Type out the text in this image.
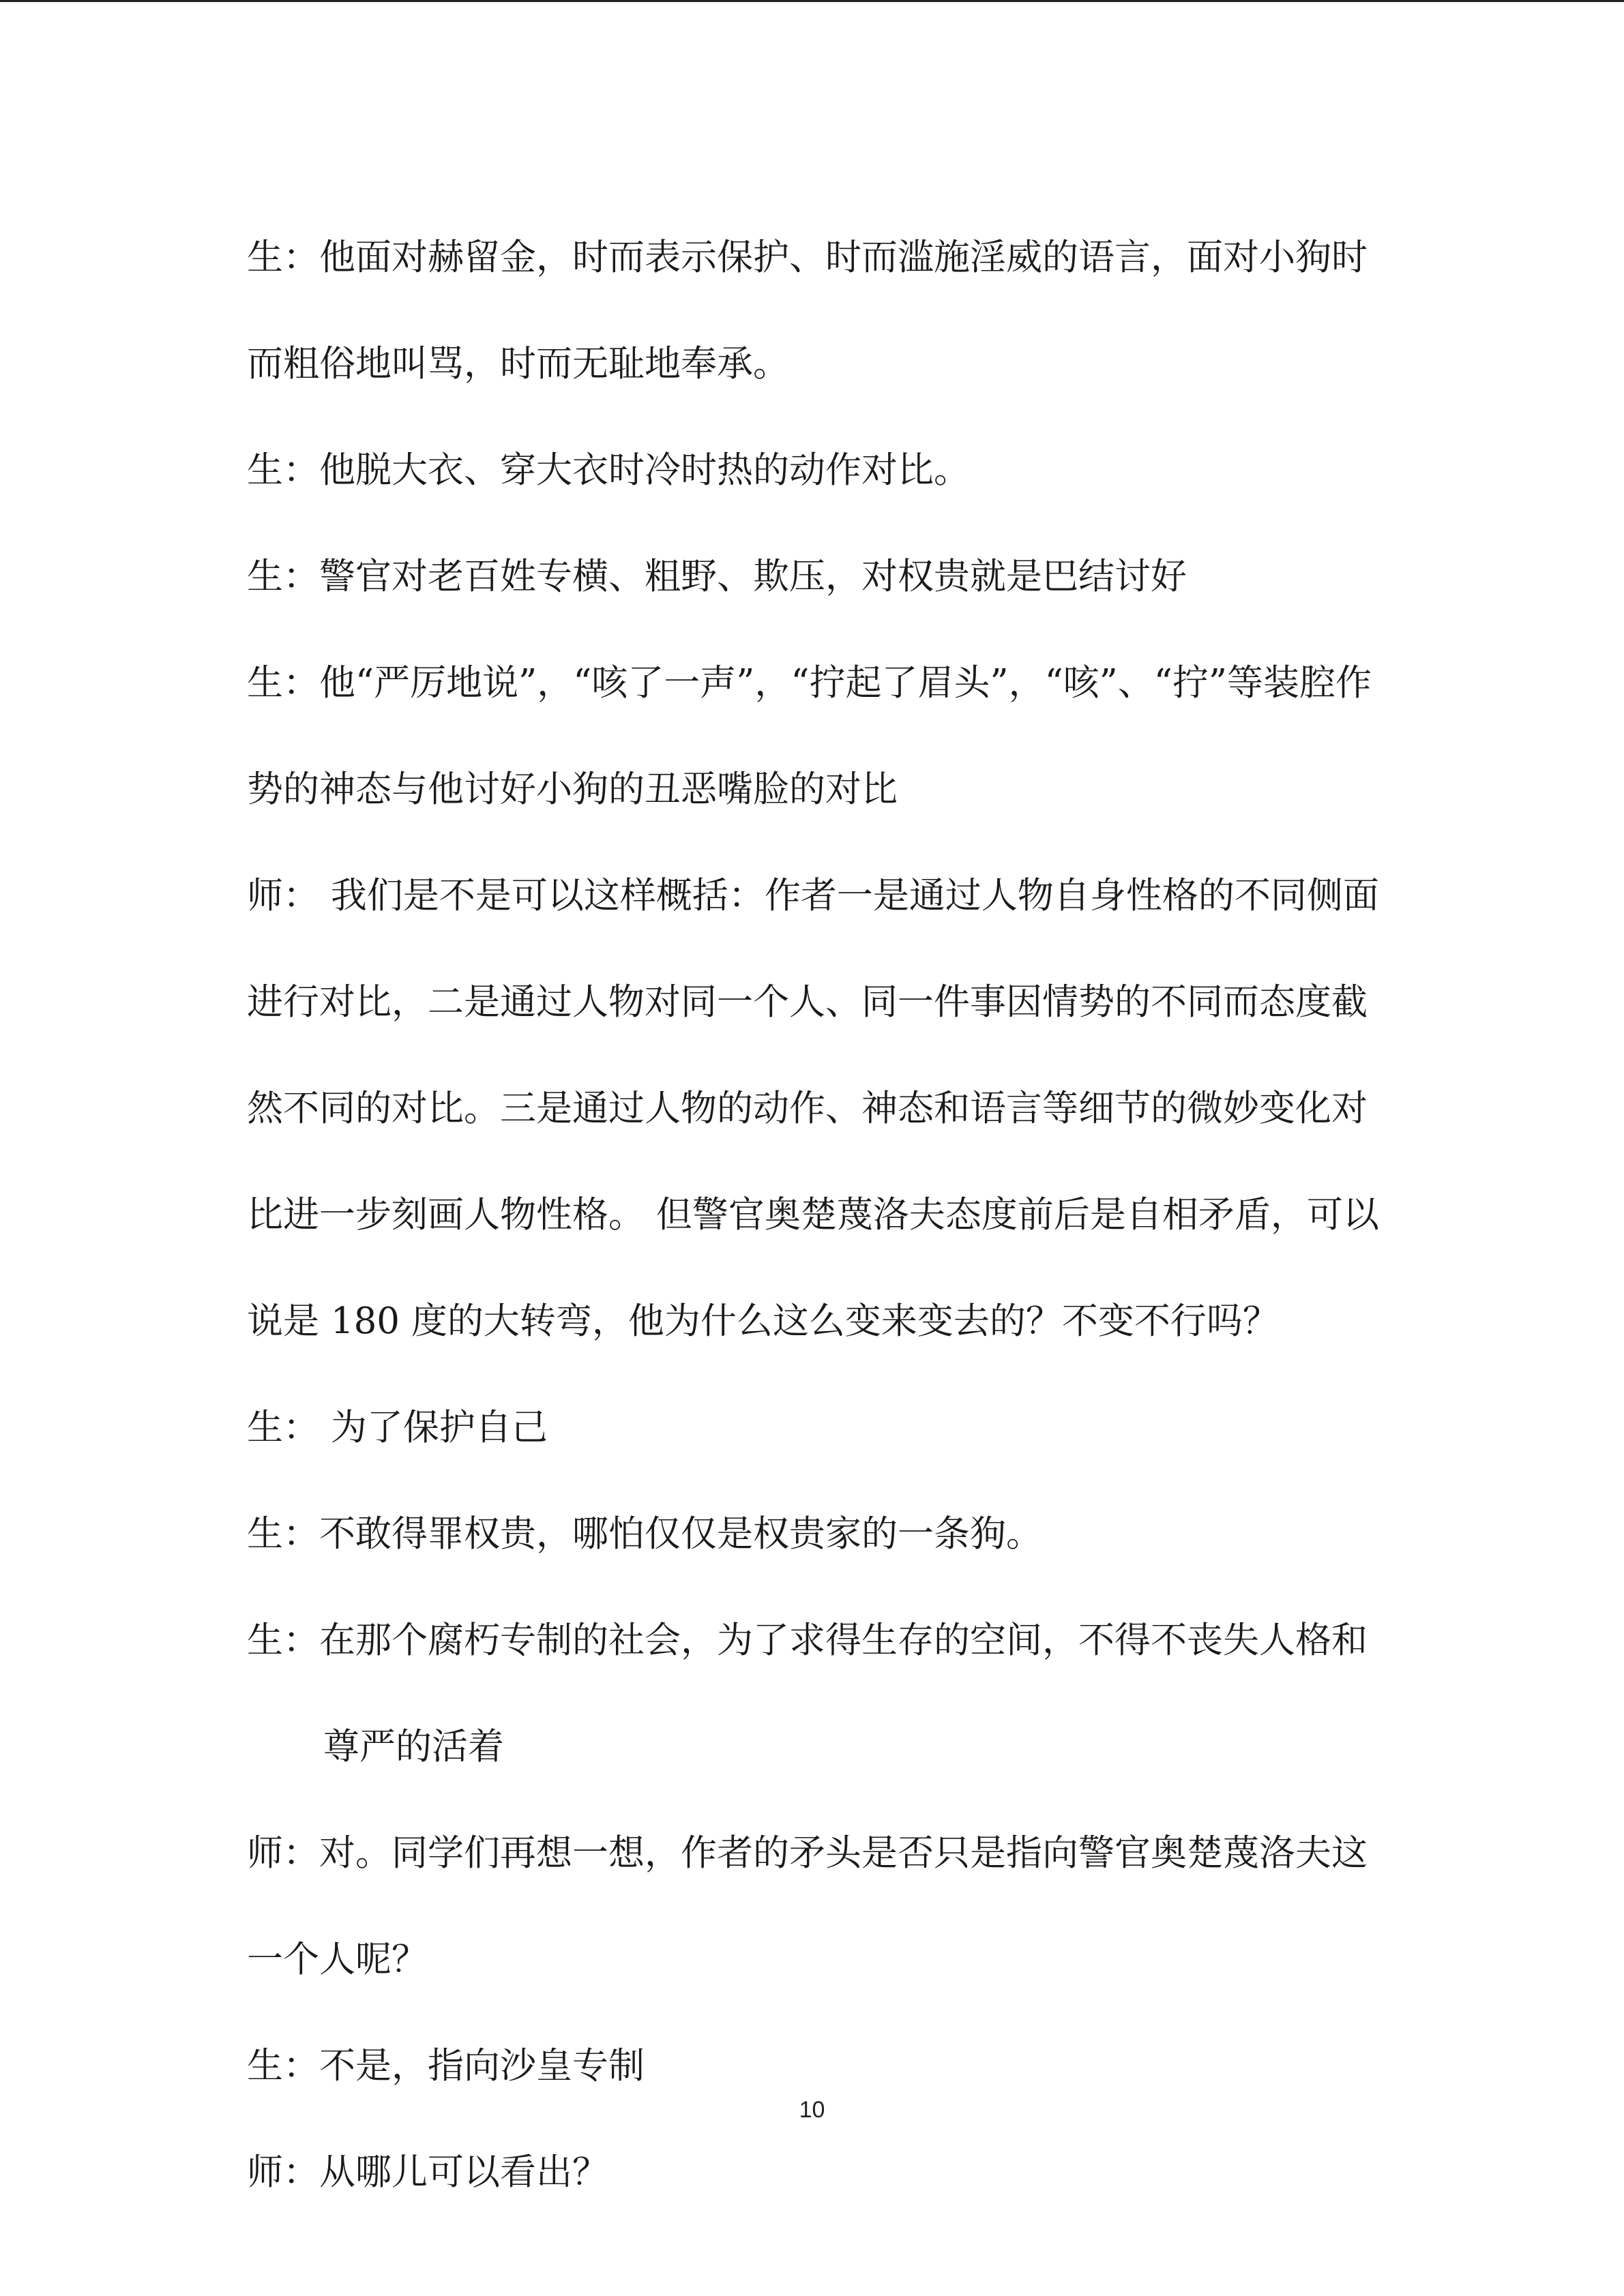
生：他面对赫留金，时而表示保护、时而滥施淫威的语言，面对小狗时而粗俗地叫骂，时而无耻地奉承。

生：他脱大衣、穿大衣时冷时热的动作对比。

生：警官对老百姓专横、粗野、欺压，对权贵就是巴结讨好

生：他“严厉地说”，“咳了一声”，“拧起了眉头”，“咳”、“拧”等装腔作势的神态与他讨好小狗的丑恶嘴脸的对比

师： 我们是不是可以这样概括：作者一是通过人物自身性格的不同侧面进行对比，二是通过人物对同一个人、同一件事因情势的不同而态度截然不同的对比。三是通过人物的动作、神态和语言等细节的微妙变化对比进一步刻画人物性格。 但警官奥楚蔑洛夫态度前后是自相矛盾，可以说是 180 度的大转弯，他为什么这么变来变去的？不变不行吗？

生： 为了保护自己

生：不敢得罪权贵，哪怕仅仅是权贵家的一条狗。

生：在那个腐朽专制的社会，为了求得生存的空间，不得不丧失人格和尊严的活着

师：对。同学们再想一想，作者的矛头是否只是指向警官奥楚蔑洛夫这一个人呢？

生：不是，指向沙皇专制

师：从哪儿可以看出？

10
